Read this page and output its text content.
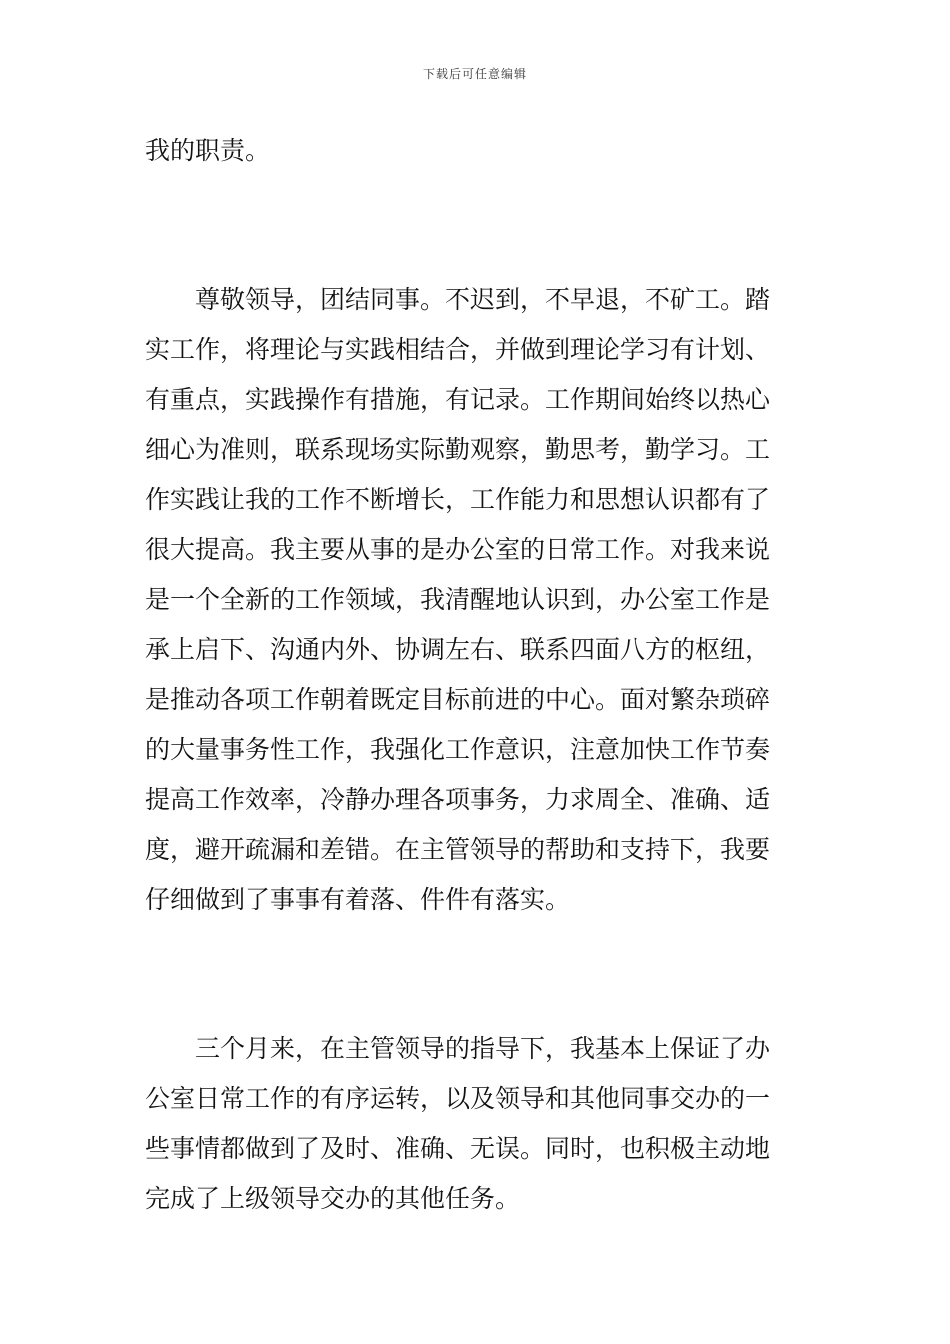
下载后可任意编辑
我的职责。
尊敬领导，团结同事。不迟到，不早退，不矿工。踏
实工作，将理论与实践相结合，并做到理论学习有计划、
有重点，实践操作有措施，有记录。工作期间始终以热心
细心为准则，联系现场实际勤观察，勤思考，勤学习。工
作实践让我的工作不断增长，工作能力和思想认识都有了
很大提高。我主要从事的是办公室的日常工作。对我来说
是一个全新的工作领域，我清醒地认识到，办公室工作是
承上启下、沟通内外、协调左右、联系四面八方的枢纽，
是推动各项工作朝着既定目标前进的中心。面对繁杂琐碎
的大量事务性工作，我强化工作意识，注意加快工作节奏
提高工作效率，冷静办理各项事务，力求周全、准确、适
度，避开疏漏和差错。在主管领导的帮助和支持下，我要
仔细做到了事事有着落、件件有落实。
三个月来，在主管领导的指导下，我基本上保证了办
公室日常工作的有序运转，以及领导和其他同事交办的一
些事情都做到了及时、准确、无误。同时，也积极主动地
完成了上级领导交办的其他任务。
